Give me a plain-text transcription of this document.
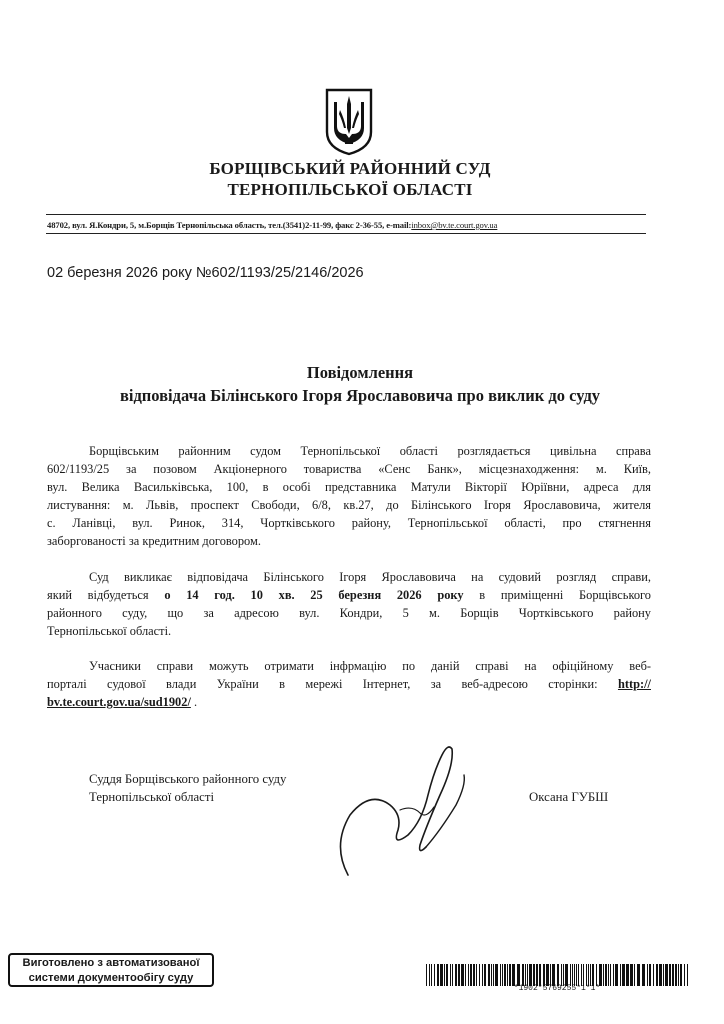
БОРЩІВСЬКИЙ РАЙОННИЙ СУД
ТЕРНОПІЛЬСЬКОЇ ОБЛАСТІ
48702, вул. Я.Кондри, 5, м.Борщів Тернопільська область, тел.(3541)2-11-99, факс 2-36-55, e-mail:inbox@bv.te.court.gov.ua
02 березня 2026 року №602/1193/25/2146/2026
Повідомлення
відповідача Білінського Ігоря Ярославовича про виклик до суду
Борщівським районним судом Тернопільської області розглядається цивільна справа
602/1193/25 за позовом Акціонерного товариства «Сенс Банк», місцезнаходження: м. Київ,
вул. Велика Васильківська, 100, в особі представника Матули Вікторії Юріївни, адреса для
листування: м. Львів, проспект Свободи, 6/8, кв.27, до Білінського Ігоря Ярославовича, жителя
с. Ланівці, вул. Ринок, 314, Чортківського району, Тернопільської області, про стягнення
заборгованості за кредитним договором.
Суд викликає відповідача Білінського Ігоря Ярославовича на судовий розгляд справи,
який відбудеться о 14 год. 10 хв. 25 березня 2026 року в приміщенні Борщівського
районного суду, що за адресою вул. Кондри, 5 м. Борщів Чортківського району
Тернопільської області.
Учасники справи можуть отримати інфрмацію по даній справі на офіційному веб-
порталі судової влади України в мережі Інтернет, за веб-адресою сторінки: http://
bv.te.court.gov.ua/sud1902/ .
Суддя Борщівського районного суду
Тернопільської області	Оксана ГУБШ
Виготовлено з автоматизованої
системи документообігу суду
*1902*5769255*1*1*
